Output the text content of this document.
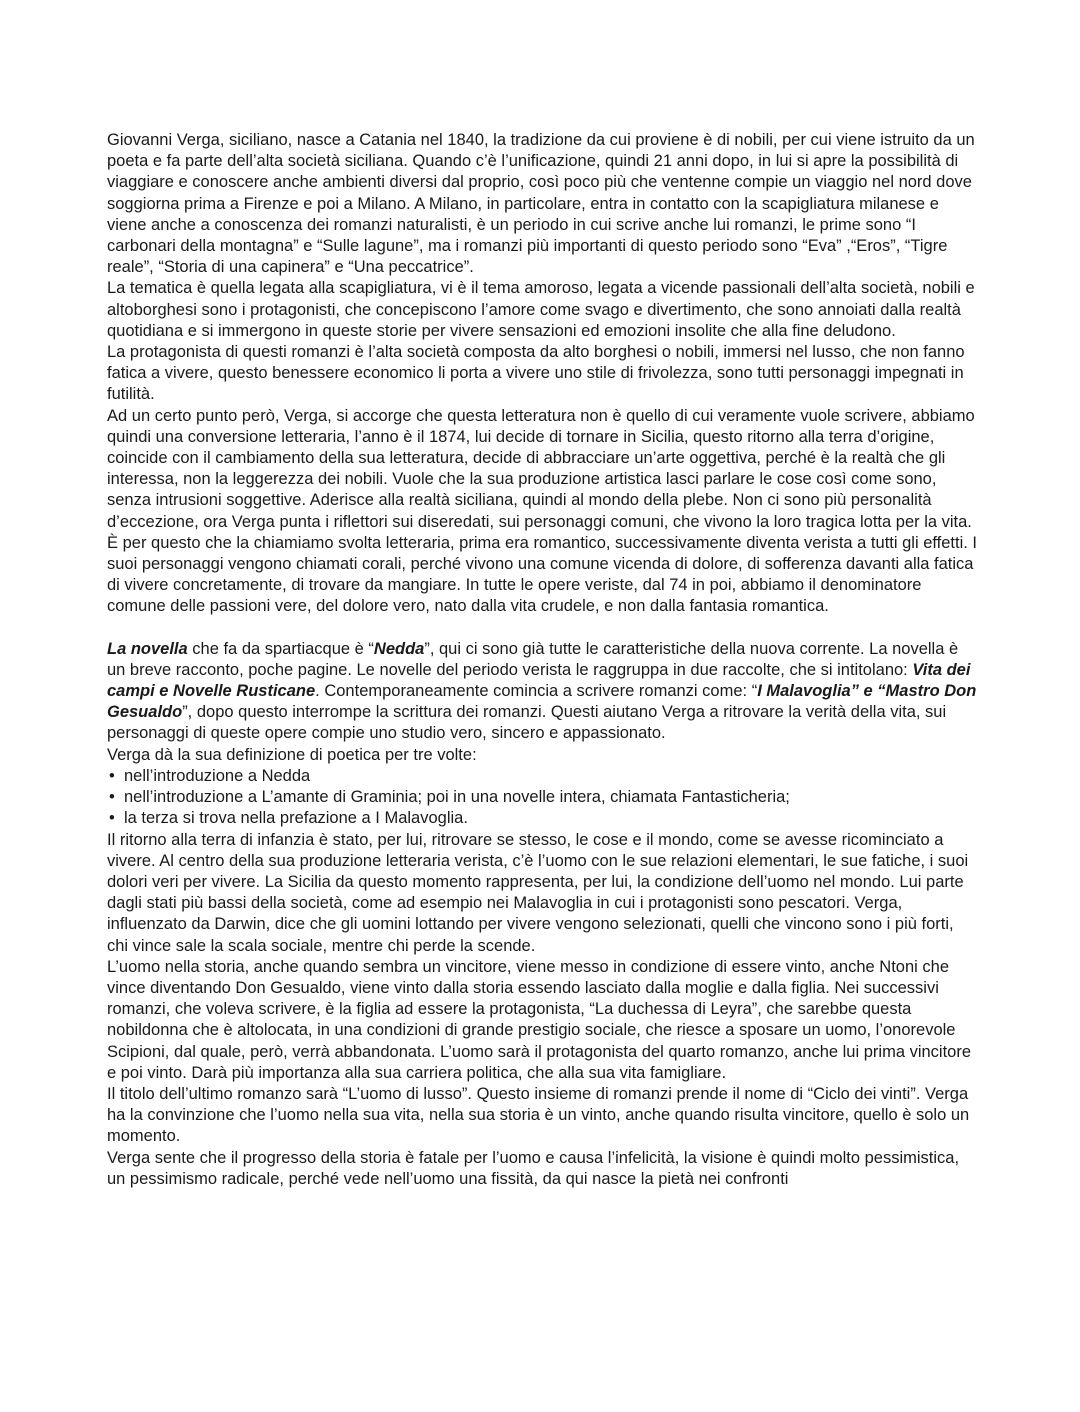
Giovanni Verga, siciliano, nasce a Catania nel 1840, la tradizione da cui proviene è di nobili, per cui viene istruito da un poeta e fa parte dell’alta società siciliana. Quando c’è l’unificazione, quindi 21 anni dopo, in lui si apre la possibilità di viaggiare e conoscere anche ambienti diversi dal proprio, così poco più che ventenne compie un viaggio nel nord dove soggiorna prima a Firenze e poi a Milano. A Milano, in particolare, entra in contatto con la scapigliatura milanese e viene anche a conoscenza dei romanzi naturalisti, è un periodo in cui scrive anche lui romanzi, le prime sono “I carbonari della montagna” e “Sulle lagune”, ma i romanzi più importanti di questo periodo sono “Eva” ,“Eros”, “Tigre reale”, “Storia di una capinera” e “Una peccatrice”.

La tematica è quella legata alla scapigliatura, vi è il tema amoroso, legata a vicende passionali dell’alta società, nobili e altoborghesi sono i protagonisti, che concepiscono l’amore come svago e divertimento, che sono annoiati dalla realtà quotidiana e si immergono in queste storie per vivere sensazioni ed emozioni insolite che alla fine deludono.

La protagonista di questi romanzi è l’alta società composta da alto borghesi o nobili, immersi nel lusso, che non fanno fatica a vivere, questo benessere economico li porta a vivere uno stile di frivolezza, sono tutti personaggi impegnati in futilità.

Ad un certo punto però, Verga, si accorge che questa letteratura non è quello di cui veramente vuole scrivere, abbiamo quindi una conversione letteraria, l’anno è il 1874, lui decide di tornare in Sicilia, questo ritorno alla terra d’origine, coincide con il cambiamento della sua letteratura, decide di abbracciare un’arte oggettiva, perché è la realtà che gli interessa, non la leggerezza dei nobili. Vuole che la sua produzione artistica lasci parlare le cose così come sono, senza intrusioni soggettive. Aderisce alla realtà siciliana, quindi al mondo della plebe. Non ci sono più personalità d’eccezione, ora Verga punta i riflettori sui diseredati, sui personaggi comuni, che vivono la loro tragica lotta per la vita. È per questo che la chiamiamo svolta letteraria, prima era romantico, successivamente diventa verista a tutti gli effetti. I suoi personaggi vengono chiamati corali, perché vivono una comune vicenda di dolore, di sofferenza davanti alla fatica di vivere concretamente, di trovare da mangiare. In tutte le opere veriste, dal 74 in poi, abbiamo il denominatore comune delle passioni vere, del dolore vero, nato dalla vita crudele, e non dalla fantasia romantica.

La novella che fa da spartiacque è “Nedda”, qui ci sono già tutte le caratteristiche della nuova corrente. La novella è un breve racconto, poche pagine. Le novelle del periodo verista le raggruppa in due raccolte, che si intitolano: Vita dei campi e Novelle Rusticane. Contemporaneamente comincia a scrivere romanzi come: “I Malavoglia” e “Mastro Don Gesualdo”, dopo questo interrompe la scrittura dei romanzi. Questi aiutano Verga a ritrovare la verità della vita, sui personaggi di queste opere compie uno studio vero, sincero e appassionato.

Verga dà la sua definizione di poetica per tre volte:

• nell’introduzione a Nedda
• nell’introduzione a L’amante di Graminia; poi in una novelle intera, chiamata Fantasticheria;
• la terza si trova nella prefazione a I Malavoglia.

Il ritorno alla terra di infanzia è stato, per lui, ritrovare se stesso, le cose e il mondo, come se avesse ricominciato a vivere. Al centro della sua produzione letteraria verista, c’è l’uomo con le sue relazioni elementari, le sue fatiche, i suoi dolori veri per vivere. La Sicilia da questo momento rappresenta, per lui, la condizione dell’uomo nel mondo. Lui parte dagli stati più bassi della società, come ad esempio nei Malavoglia in cui i protagonisti sono pescatori. Verga, influenzato da Darwin, dice che gli uomini lottando per vivere vengono selezionati, quelli che vincono sono i più forti, chi vince sale la scala sociale, mentre chi perde la scende.

L’uomo nella storia, anche quando sembra un vincitore, viene messo in condizione di essere vinto, anche Ntoni che vince diventando Don Gesualdo, viene vinto dalla storia essendo lasciato dalla moglie e dalla figlia. Nei successivi romanzi, che voleva scrivere, è la figlia ad essere la protagonista, “La duchessa di Leyra”, che sarebbe questa nobildonna che è altolocata, in una condizioni di grande prestigio sociale, che riesce a sposare un uomo, l’onorevole Scipioni, dal quale, però, verrà abbandonata. L’uomo sarà il protagonista del quarto romanzo, anche lui prima vincitore e poi vinto. Darà più importanza alla sua carriera politica, che alla sua vita famigliare.

Il titolo dell’ultimo romanzo sarà “L’uomo di lusso”. Questo insieme di romanzi prende il nome di “Ciclo dei vinti”. Verga ha la convinzione che l’uomo nella sua vita, nella sua storia è un vinto, anche quando risulta vincitore, quello è solo un momento.

Verga sente che il progresso della storia è fatale per l’uomo e causa l’infelicità, la visione è quindi molto pessimistica, un pessimismo radicale, perché vede nell’uomo una fissità, da qui nasce la pietà nei confronti
